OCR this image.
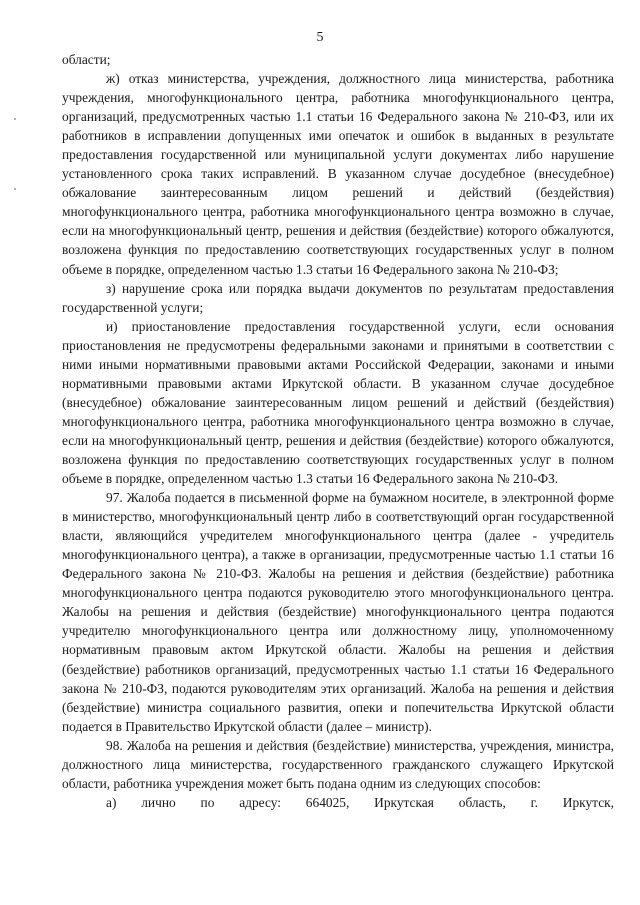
5

области;

ж) отказ министерства, учреждения, должностного лица министерства, работника учреждения, многофункционального центра, работника многофункционального центра, организаций, предусмотренных частью 1.1 статьи 16 Федерального закона № 210-ФЗ, или их работников в исправлении допущенных ими опечаток и ошибок в выданных в результате предоставления государственной или муниципальной услуги документах либо нарушение установленного срока таких исправлений. В указанном случае досудебное (внесудебное) обжалование заинтересованным лицом решений и действий (бездействия) многофункционального центра, работника многофункционального центра возможно в случае, если на многофункциональный центр, решения и действия (бездействие) которого обжалуются, возложена функция по предоставлению соответствующих государственных услуг в полном объеме в порядке, определенном частью 1.3 статьи 16 Федерального закона № 210-ФЗ;

з) нарушение срока или порядка выдачи документов по результатам предоставления государственной услуги;

и) приостановление предоставления государственной услуги, если основания приостановления не предусмотрены федеральными законами и принятыми в соответствии с ними иными нормативными правовыми актами Российской Федерации, законами и иными нормативными правовыми актами Иркутской области. В указанном случае досудебное (внесудебное) обжалование заинтересованным лицом решений и действий (бездействия) многофункционального центра, работника многофункционального центра возможно в случае, если на многофункциональный центр, решения и действия (бездействие) которого обжалуются, возложена функция по предоставлению соответствующих государственных услуг в полном объеме в порядке, определенном частью 1.3 статьи 16 Федерального закона № 210-ФЗ.

97. Жалоба подается в письменной форме на бумажном носителе, в электронной форме в министерство, многофункциональный центр либо в соответствующий орган государственной власти, являющийся учредителем многофункционального центра (далее - учредитель многофункционального центра), а также в организации, предусмотренные частью 1.1 статьи 16 Федерального закона № 210-ФЗ. Жалобы на решения и действия (бездействие) работника многофункционального центра подаются руководителю этого многофункционального центра. Жалобы на решения и действия (бездействие) многофункционального центра подаются учредителю многофункционального центра или должностному лицу, уполномоченному нормативным правовым актом Иркутской области. Жалобы на решения и действия (бездействие) работников организаций, предусмотренных частью 1.1 статьи 16 Федерального закона № 210-ФЗ, подаются руководителям этих организаций. Жалоба на решения и действия (бездействие) министра социального развития, опеки и попечительства Иркутской области подается в Правительство Иркутской области (далее – министр).

98. Жалоба на решения и действия (бездействие) министерства, учреждения, министра, должностного лица министерства, государственного гражданского служащего Иркутской области, работника учреждения может быть подана одним из следующих способов:

а) лично по адресу: 664025, Иркутская область, г. Иркутск,
